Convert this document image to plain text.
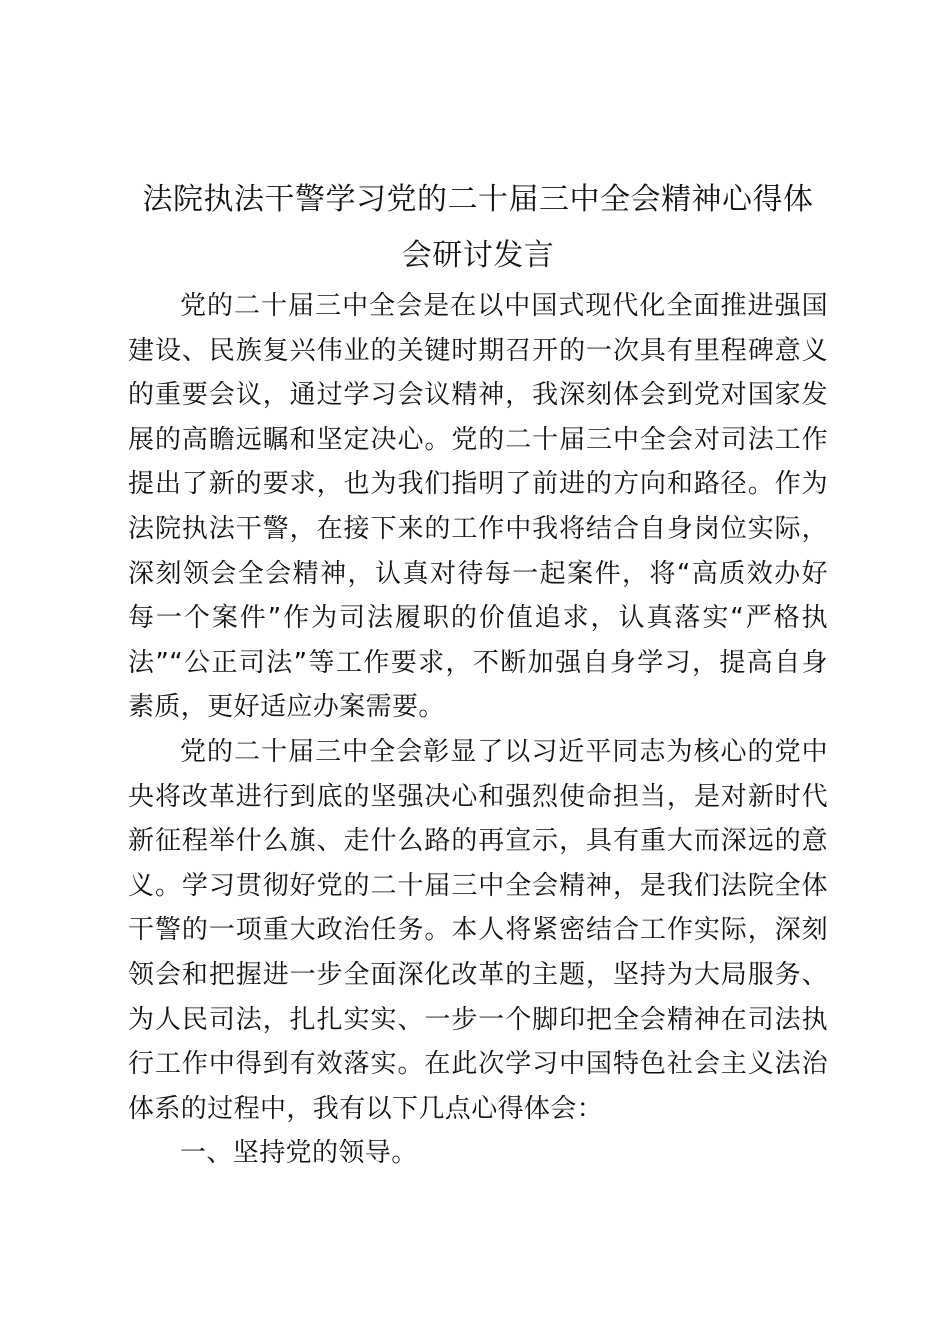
法院执法干警学习党的二十届三中全会精神心得体会研讨发言

党的二十届三中全会是在以中国式现代化全面推进强国建设、民族复兴伟业的关键时期召开的一次具有里程碑意义的重要会议，通过学习会议精神，我深刻体会到党对国家发展的高瞻远瞩和坚定决心。党的二十届三中全会对司法工作提出了新的要求，也为我们指明了前进的方向和路径。作为法院执法干警，在接下来的工作中我将结合自身岗位实际，深刻领会全会精神，认真对待每一起案件，将“高质效办好每一个案件”作为司法履职的价值追求，认真落实“严格执法”“公正司法”等工作要求，不断加强自身学习，提高自身素质，更好适应办案需要。

党的二十届三中全会彰显了以习近平同志为核心的党中央将改革进行到底的坚强决心和强烈使命担当，是对新时代新征程举什么旗、走什么路的再宣示，具有重大而深远的意义。学习贯彻好党的二十届三中全会精神，是我们法院全体干警的一项重大政治任务。本人将紧密结合工作实际，深刻领会和把握进一步全面深化改革的主题，坚持为大局服务、为人民司法，扎扎实实、一步一个脚印把全会精神在司法执行工作中得到有效落实。在此次学习中国特色社会主义法治体系的过程中，我有以下几点心得体会：

一、坚持党的领导。
